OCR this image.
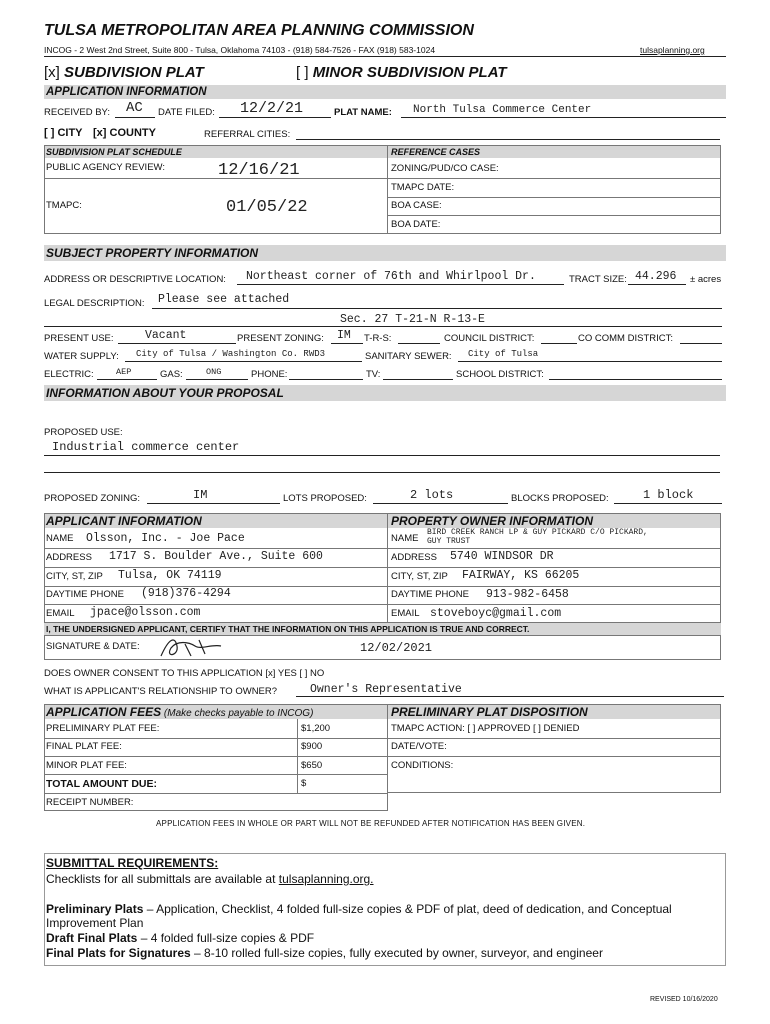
TULSA METROPOLITAN AREA PLANNING COMMISSION
INCOG - 2 West 2nd Street, Suite 800 - Tulsa, Oklahoma 74103 - (918) 584-7526 - FAX (918) 583-1024	tulsaplanning.org
[x] SUBDIVISION PLAT	[ ] MINOR SUBDIVISION PLAT
APPLICATION INFORMATION
RECEIVED BY: AC DATE FILED: 12/2/21	PLAT NAME: North Tulsa Commerce Center
[ ] CITY [x] COUNTY	REFERRAL CITIES:
SUBDIVISION PLAT SCHEDULE	REFERENCE CASES
PUBLIC AGENCY REVIEW:	12/16/21
TMAPC:	01/05/22
ZONING/PUD/CO CASE:
TMAPC DATE:
BOA CASE:
BOA DATE:
SUBJECT PROPERTY INFORMATION
ADDRESS OR DESCRIPTIVE LOCATION: Northeast corner of 76th and Whirlpool Dr.	TRACT SIZE: 44.296 ± acres
LEGAL DESCRIPTION: Please see attached
Sec. 27 T-21-N R-13-E
PRESENT USE:	Vacant	PRESENT ZONING: IM T-R-S:	COUNCIL DISTRICT:	CO COMM DISTRICT:
WATER SUPPLY: City of Tulsa / Washington Co. RWD3	SANITARY SEWER: City of Tulsa
ELECTRIC:	AEP	GAS:	ONG	PHONE:	TV:	SCHOOL DISTRICT:
INFORMATION ABOUT YOUR PROPOSAL
PROPOSED USE:
Industrial commerce center
PROPOSED ZONING:	IM	LOTS PROPOSED:	2 lots	BLOCKS PROPOSED:	1 block
APPLICANT INFORMATION	PROPERTY OWNER INFORMATION
NAME Olsson, Inc. - Joe Pace
ADDRESS 1717 S. Boulder Ave., Suite 600
CITY, ST, ZIP Tulsa, OK 74119
DAYTIME PHONE (918)376-4294
EMAIL jpace@olsson.com
NAME
BIRD CREEK RANCH LP & GUY PICKARD C/O PICKARD,
GUY TRUST
ADDRESS 5740 WINDSOR DR
CITY, ST, ZIP FAIRWAY, KS 66205
DAYTIME PHONE 913-982-6458
EMAIL stoveboyc@gmail.com
I, THE UNDERSIGNED APPLICANT, CERTIFY THAT THE INFORMATION ON THIS APPLICATION IS TRUE AND CORRECT.
SIGNATURE & DATE:	12/02/2021
DOES OWNER CONSENT TO THIS APPLICATION [x] YES [ ] NO
WHAT IS APPLICANT'S RELATIONSHIP TO OWNER?	Owner's Representative
APPLICATION FEES (Make checks payable to INCOG)	PRELIMINARY PLAT DISPOSITION
PRELIMINARY PLAT FEE:	$1,200
FINAL PLAT FEE:	$900
MINOR PLAT FEE:	$650
TOTAL AMOUNT DUE:	$
RECEIPT NUMBER:
TMAPC ACTION: [ ] APPROVED [ ] DENIED
DATE/VOTE:
CONDITIONS:
APPLICATION FEES IN WHOLE OR PART WILL NOT BE REFUNDED AFTER NOTIFICATION HAS BEEN GIVEN.
SUBMITTAL REQUIREMENTS:
Checklists for all submittals are available at tulsaplanning.org.
Preliminary Plats – Application, Checklist, 4 folded full-size copies & PDF of plat, deed of dedication, and Conceptual Improvement Plan
Draft Final Plats – 4 folded full-size copies & PDF
Final Plats for Signatures – 8-10 rolled full-size copies, fully executed by owner, surveyor, and engineer
REVISED 10/16/2020
